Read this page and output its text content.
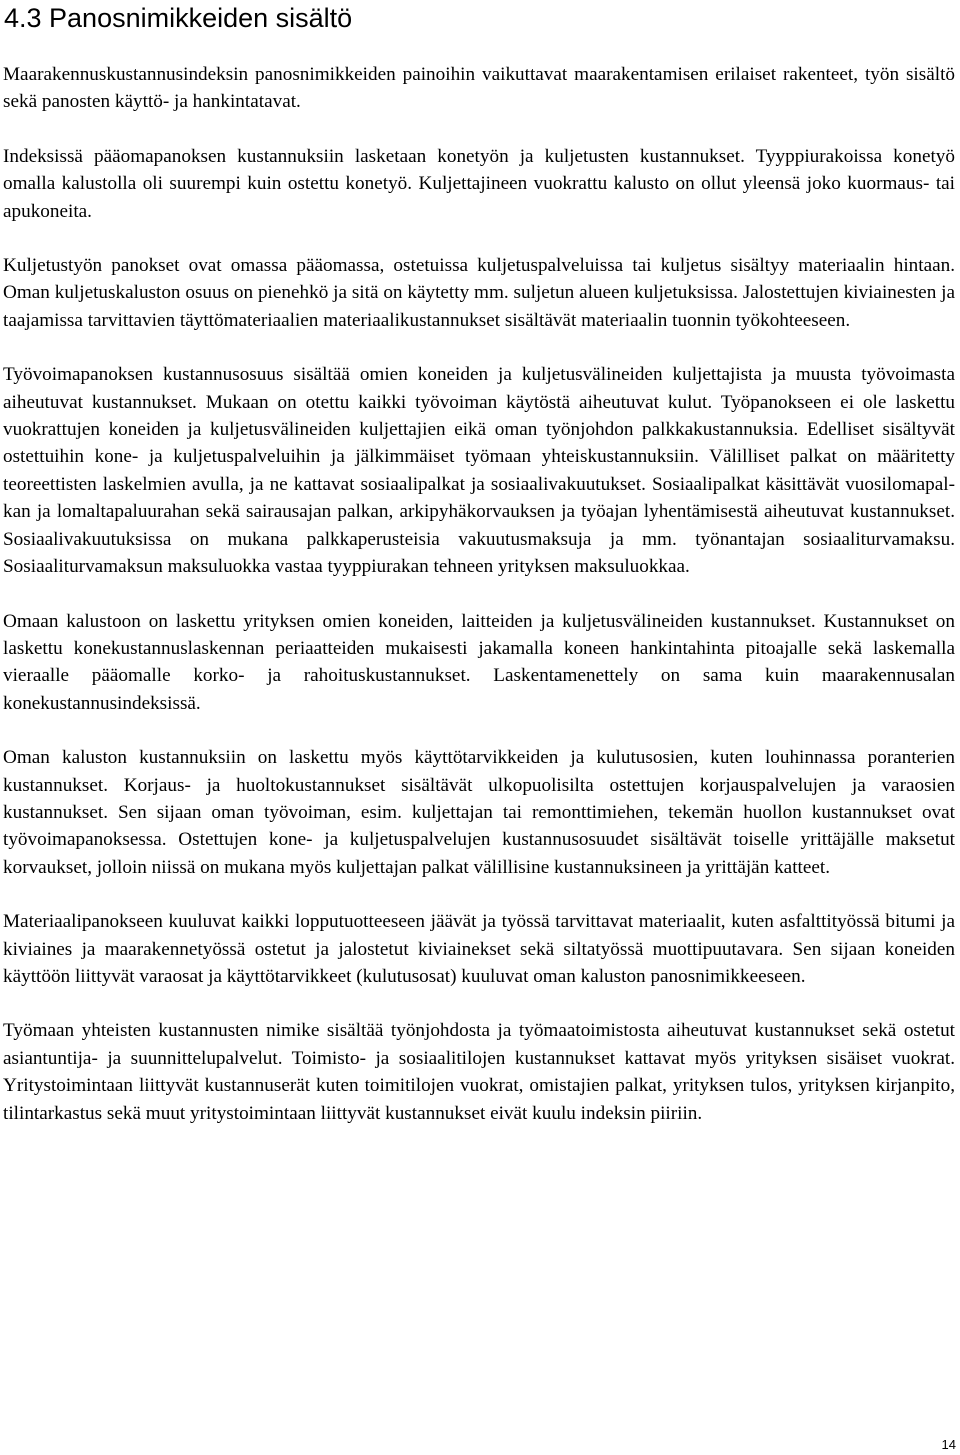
4.3 Panosnimikkeiden sisältö

Maarakennuskustannusindeksin panosnimikkeiden painoihin vaikuttavat maarakentamisen erilaiset rakenteet, työn sisältö sekä panosten käyttö- ja hankintatavat.

Indeksissä pääomapanoksen kustannuksiin lasketaan konetyön ja kuljetusten kustannukset. Tyyppiurakoissa konetyö omalla kalustolla oli suurempi kuin ostettu konetyö. Kuljettajineen vuokrattu kalusto on ollut yleensä joko kuormaus- tai apukoneita.

Kuljetustyön panokset ovat omassa pääomassa, ostetuissa kuljetuspalveluissa tai kuljetus sisältyy materiaalin hintaan. Oman kuljetuskaluston osuus on pienehkö ja sitä on käytetty mm. suljetun alueen kuljetuksissa. Jalostettujen kiviainesten ja taajamissa tarvittavien täyttömateriaalien materiaalikustannukset sisältävät materiaalin tuonnin työkohteeseen.

Työvoimapanoksen kustannusosuus sisältää omien koneiden ja kuljetusvälineiden kuljettajista ja muusta työvoimasta aiheutuvat kustannukset. Mukaan on otettu kaikki työvoiman käytöstä aiheutuvat kulut. Työpanokseen ei ole laskettu vuokrattujen koneiden ja kuljetusvälineiden kuljettajien eikä oman työnjohdon palkkakustannuksia. Edelliset sisältyvät ostettuihin kone- ja kuljetuspalveluihin ja jälkimmäiset työmaan yhteiskustannuksiin. Välilliset palkat on määritetty teoreettisten laskelmien avulla, ja ne kattavat sosiaalipalkat ja sosiaalivakuutukset. Sosiaalipalkat käsittävät vuosilomapalkan ja lomaltapaluurahan sekä sairausajan palkan, arkipyhäkorvauksen ja työajan lyhentämisestä aiheutuvat kustannukset. Sosiaalivakuutuksissa on mukana palkkaperusteisia vakuutusmaksuja ja mm. työnantajan sosiaaliturvamaksu. Sosiaaliturvamaksun maksuluokka vastaa tyyppiurakan tehneen yrityksen maksuluokkaa.

Omaan kalustoon on laskettu yrityksen omien koneiden, laitteiden ja kuljetusvälineiden kustannukset. Kustannukset on laskettu konekustannuslaskennan periaatteiden mukaisesti jakamalla koneen hankintahinta pitoajalle sekä laskemalla vieraalle pääomalle korko- ja rahoituskustannukset. Laskentamenettely on sama kuin maarakennusalan konekustannusindeksissä.

Oman kaluston kustannuksiin on laskettu myös käyttötarvikkeiden ja kulutusosien, kuten louhinnassa poranterien kustannukset. Korjaus- ja huoltokustannukset sisältävät ulkopuolisilta ostettujen korjauspalvelujen ja varaosien kustannukset. Sen sijaan oman työvoiman, esim. kuljettajan tai remonttimiehen, tekemän huollon kustannukset ovat työvoimapanoksessa. Ostettujen kone- ja kuljetuspalvelujen kustannusosuudet sisältävät toiselle yrittäjälle maksetut korvaukset, jolloin niissä on mukana myös kuljettajan palkat välillisine kustannuksineen ja yrittäjän katteet.

Materiaalipanokseen kuuluvat kaikki lopputuotteeseen jäävät ja työssä tarvittavat materiaalit, kuten asfalttityössä bitumi ja kiviaines ja maarakennetyössä ostetut ja jalostetut kiviainekset sekä siltatyössä muottipuutavara. Sen sijaan koneiden käyttöön liittyvät varaosat ja käyttötarvikkeet (kulutusosat) kuuluvat oman kaluston panosnimikkeeseen.

Työmaan yhteisten kustannusten nimike sisältää työnjohdosta ja työmaatoimistosta aiheutuvat kustannukset sekä ostetut asiantuntija- ja suunnittelupalvelut. Toimisto- ja sosiaalitilojen kustannukset kattavat myös yrityksen sisäiset vuokrat. Yritystoimintaan liittyvät kustannuserät kuten toimitilojen vuokrat, omistajien palkat, yrityksen tulos, yrityksen kirjanpito, tilintarkastus sekä muut yritystoimintaan liittyvät kustannukset eivät kuulu indeksin piiriin.

14
